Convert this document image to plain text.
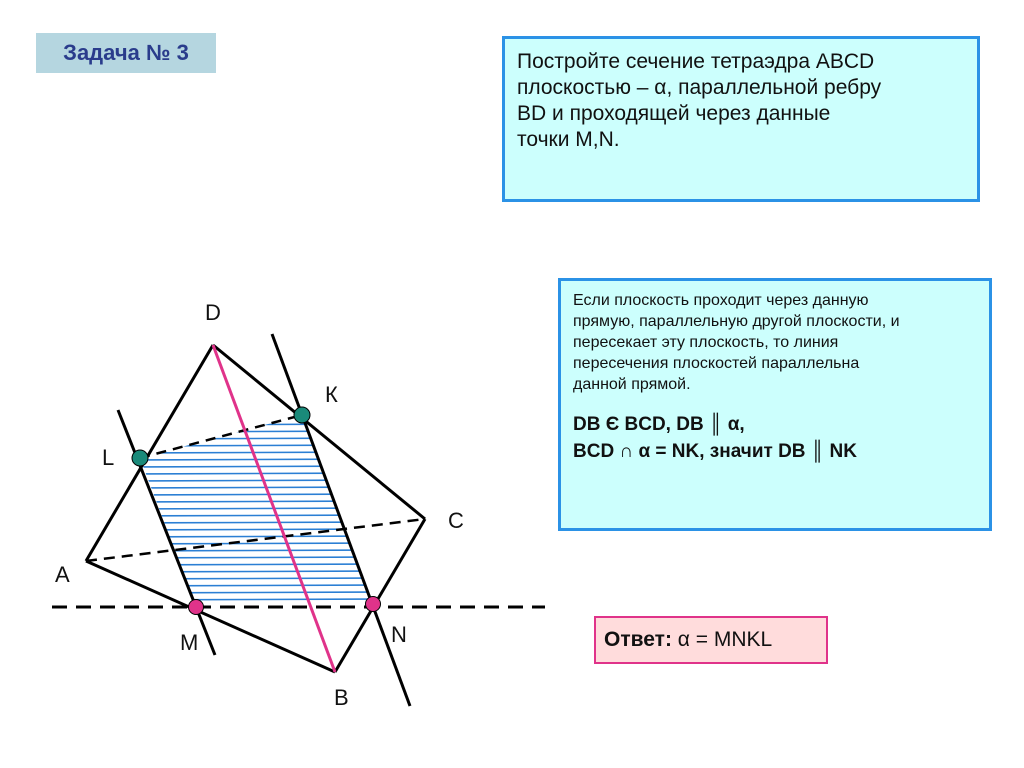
Задача № 3	Постройте сечение тетраэдра ABCD
плоскостью – α, параллельной ребру
BD и проходящей через данные
точки M,N.
Если плоскость проходит через данную
прямую, параллельную другой плоскости, и
пересекает эту плоскость, то линия
пересечения плоскостей параллельна
данной прямой.
DB Є BCD, DB ║ α,
BCD ∩ α = NK, значит DB ║ NK
Ответ: α = MNKL
D
К
L
C
A
M	N
B
